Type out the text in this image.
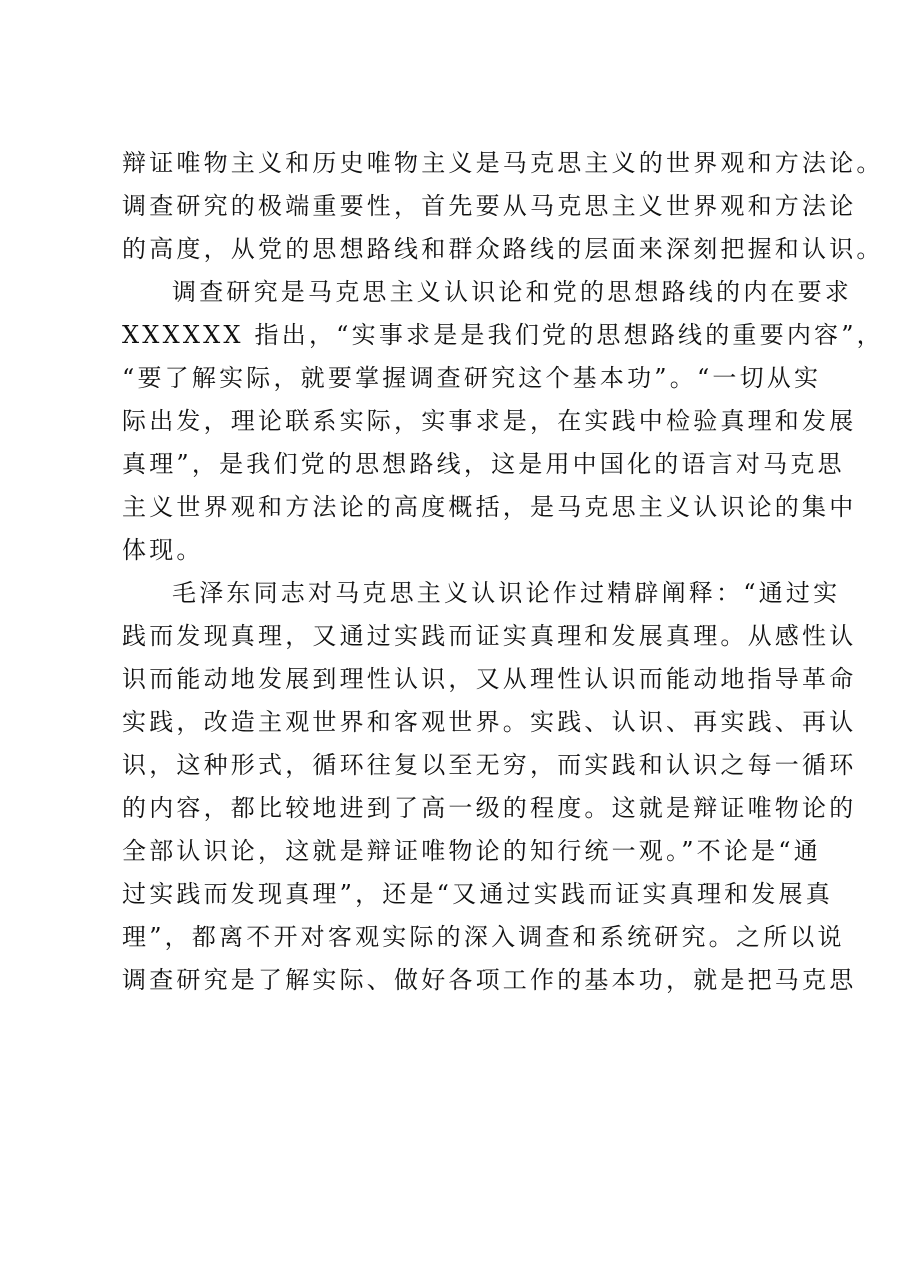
辩证唯物主义和历史唯物主义是马克思主义的世界观和方法论。
调查研究的极端重要性，首先要从马克思主义世界观和方法论
的高度，从党的思想路线和群众路线的层面来深刻把握和认识。
调查研究是马克思主义认识论和党的思想路线的内在要求
XXXXXX 指出，“实事求是是我们党的思想路线的重要内容”，
“要了解实际，就要掌握调查研究这个基本功”。“一切从实
际出发，理论联系实际，实事求是，在实践中检验真理和发展
真理”，是我们党的思想路线，这是用中国化的语言对马克思
主义世界观和方法论的高度概括，是马克思主义认识论的集中
体现。
毛泽东同志对马克思主义认识论作过精辟阐释：“通过实
践而发现真理，又通过实践而证实真理和发展真理。从感性认
识而能动地发展到理性认识，又从理性认识而能动地指导革命
实践，改造主观世界和客观世界。实践、认识、再实践、再认
识，这种形式，循环往复以至无穷，而实践和认识之每一循环
的内容，都比较地进到了高一级的程度。这就是辩证唯物论的
全部认识论，这就是辩证唯物论的知行统一观。”不论是“通
过实践而发现真理”，还是“又通过实践而证实真理和发展真
理”，都离不开对客观实际的深入调查和系统研究。之所以说
调查研究是了解实际、做好各项工作的基本功，就是把马克思
